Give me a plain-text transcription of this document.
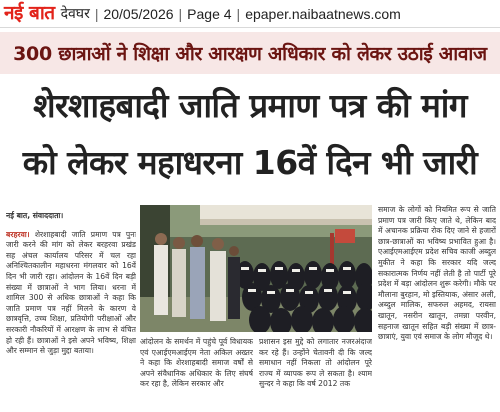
नई बात देवघर | 20/05/2026 | Page 4 | epaper.naibaatnews.com
300 छात्राओं ने शिक्षा और आरक्षण अधिकार को लेकर उठाई आवाज
शेरशाहबादी जाति प्रमाण पत्र की मांग
को लेकर महाधरना 16वें दिन भी जारी
नई बात, संवाददाता।

बरहरवा। शेरशाहबादी जाति प्रमाण पत्र पुनः जारी करने की मांग को लेकर बरहरवा प्रखंड सह अंचल कार्यालय परिसर में चल रहा अनिश्चितकालीन महाधरना मंगलवार को 16वें दिन भी जारी रहा। आंदोलन के 16वें दिन बड़ी संख्या में छात्राओं ने भाग लिया। धरना में शामिल 300 से अधिक छात्राओं ने कहा कि जाति प्रमाण पत्र नहीं मिलने के कारण वे छात्रवृत्ति, उच्च शिक्षा, प्रतियोगी परीक्षाओं और सरकारी नौकरियों में आरक्षण के लाभ से वंचित हो रही हैं। छात्राओं ने इसे अपने भविष्य, शिक्षा और सम्मान से जुड़ा मुद्दा बताया।

आंदोलन के समर्थन में पहुंचे पूर्व विधायक एवं एआईएमआईएम नेता अकिल अख्तर ने कहा कि शेरशाहबादी समाज वर्षों से अपने संवैधानिक अधिकार के लिए संघर्ष कर रहा है, लेकिन सरकार और

प्रशासन इस मुद्दे को लगातार नजरअंदाज कर रहे हैं। उन्होंने चेतावनी दी कि जल्द समाधान नहीं निकला तो आंदोलन पूरे राज्य में व्यापक रूप ले सकता है। श्याम सुन्दर ने कहा कि वर्ष 2012 तक

समाज के लोगों को नियमित रूप से जाति प्रमाण पत्र जारी किए जाते थे, लेकिन बाद में अचानक प्रक्रिया रोक दिए जाने से हजारों छात्र-छात्राओं का भविष्य प्रभावित हुआ है। एआईएमआईएम प्रदेश सचिव काजी अब्दुल मुकीत ने कहा कि सरकार यदि जल्द सकारात्मक निर्णय नहीं लेती है तो पार्टी पूरे प्रदेश में बड़ा आंदोलन शुरू करेगी। मौके पर मौलाना बुरहान, मो इस्तियाक, अंसार अली, अब्दुल मालिक, सफरुल अहमद, रायसा खातून, नसरीन खातून, तमन्ना परवीन, सहनाज खातून सहित बड़ी संख्या में छात्र-छात्राएं, युवा एवं समाज के लोग मौजूद थे।
